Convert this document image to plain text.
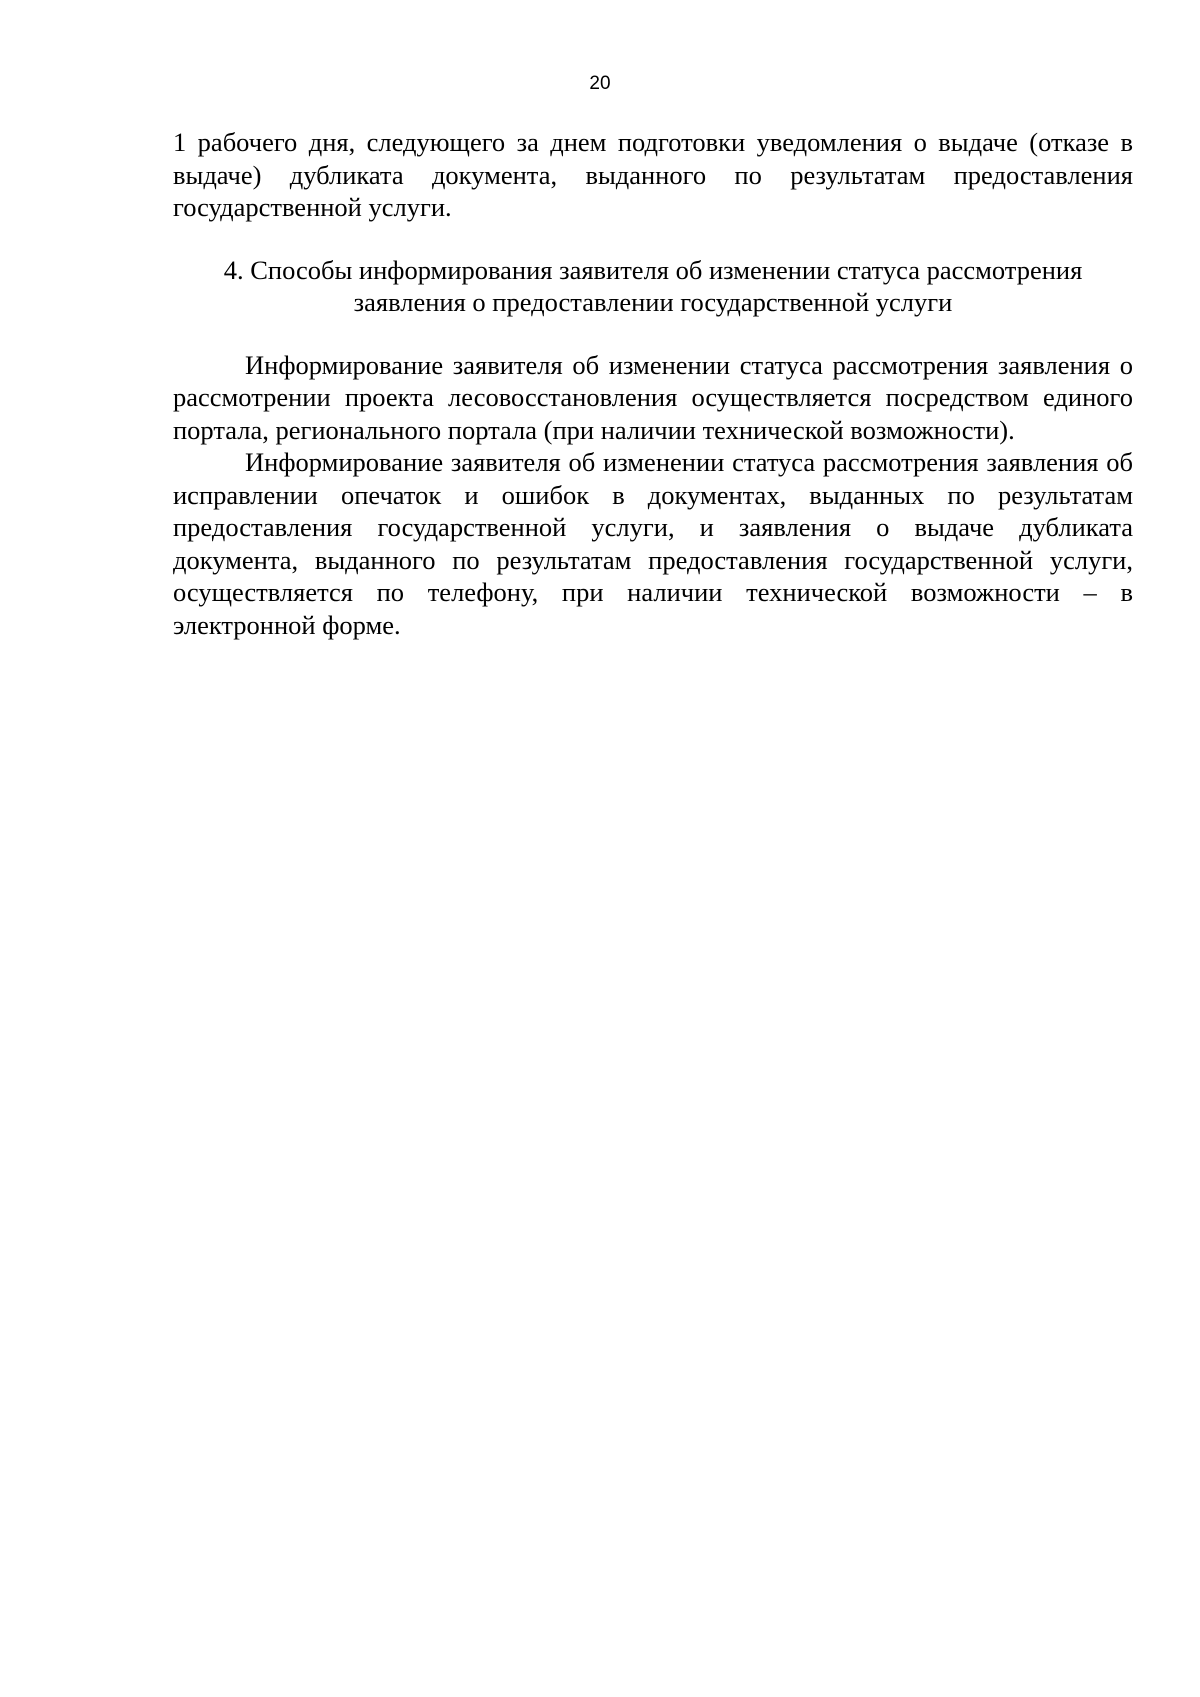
20

1 рабочего дня, следующего за днем подготовки уведомления о выдаче (отказе в выдаче) дубликата документа, выданного по результатам предоставления государственной услуги.

4. Способы информирования заявителя об изменении статуса рассмотрения
заявления о предоставлении государственной услуги

Информирование заявителя об изменении статуса рассмотрения заявления о рассмотрении проекта лесовосстановления осуществляется посредством единого портала, регионального портала (при наличии технической возможности).

Информирование заявителя об изменении статуса рассмотрения заявления об исправлении опечаток и ошибок в документах, выданных по результатам предоставления государственной услуги, и заявления о выдаче дубликата документа, выданного по результатам предоставления государственной услуги, осуществляется по телефону, при наличии технической возможности – в электронной форме.
